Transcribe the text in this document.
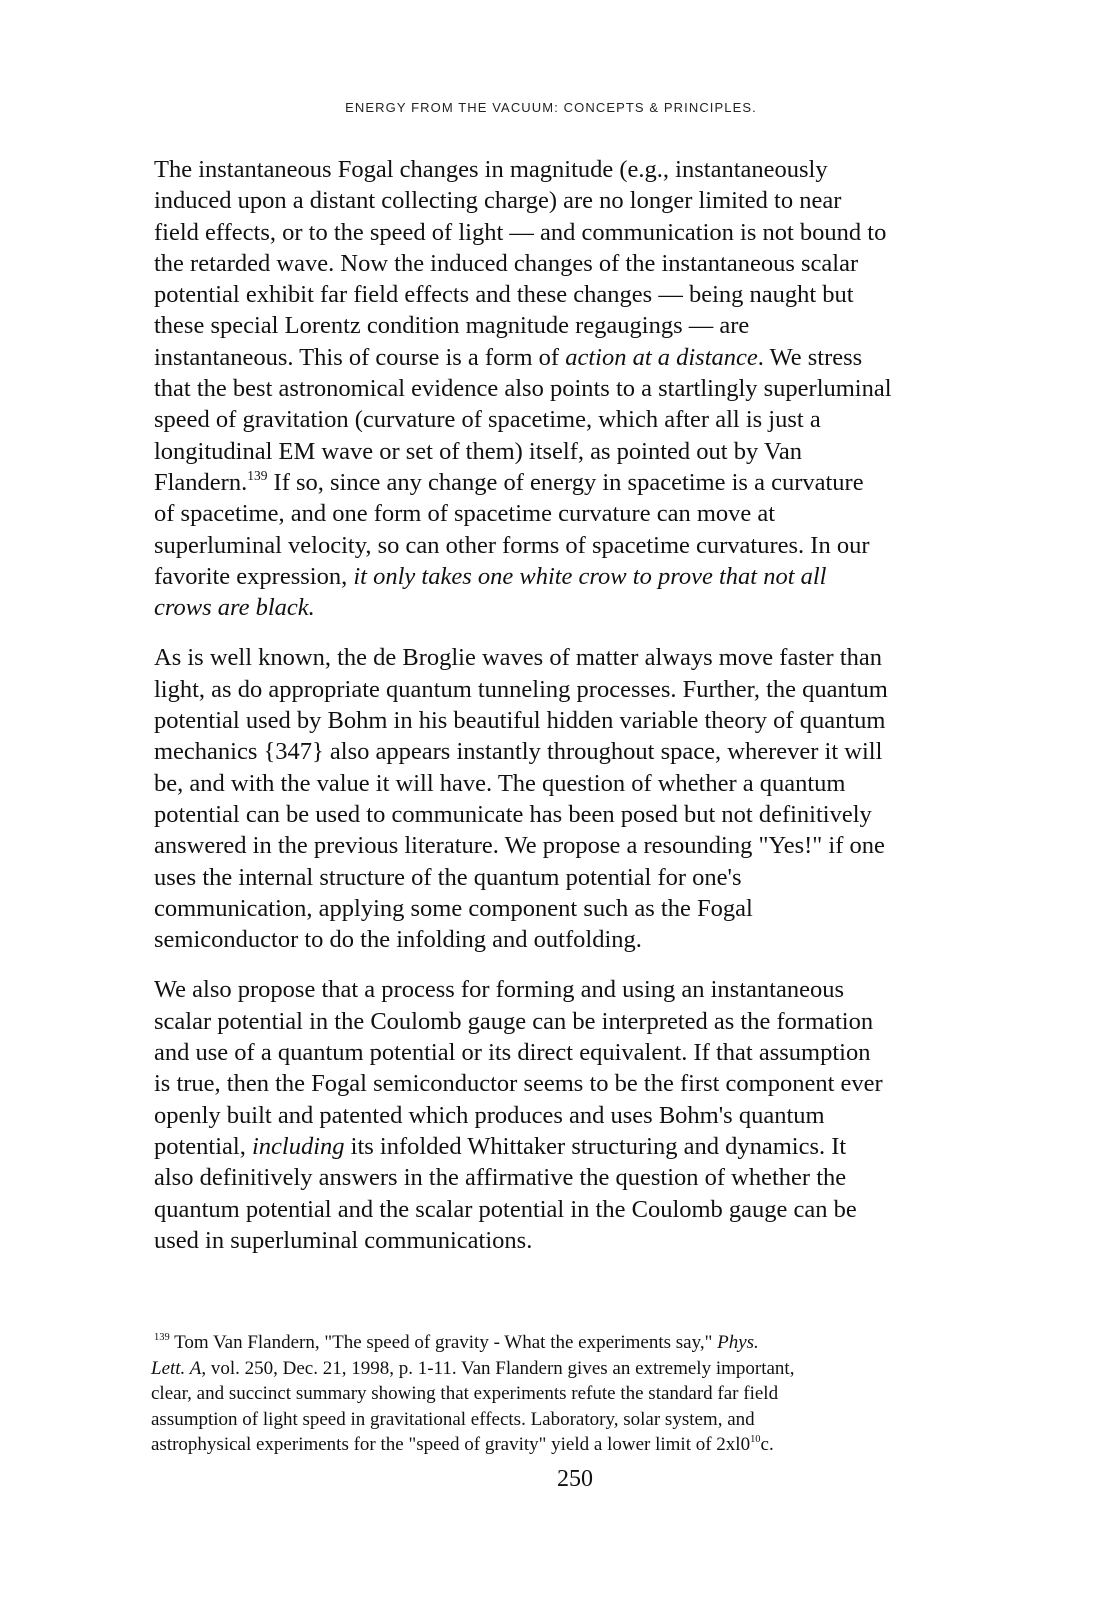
ENERGY FROM THE VACUUM: CONCEPTS & PRINCIPLES.
The instantaneous Fogal changes in magnitude (e.g., instantaneously
induced upon a distant collecting charge) are no longer limited to near
field effects, or to the speed of light — and communication is not bound to
the retarded wave. Now the induced changes of the instantaneous scalar
potential exhibit far field effects and these changes — being naught but
these special Lorentz condition magnitude regaugings — are
instantaneous. This of course is a form of action at a distance. We stress
that the best astronomical evidence also points to a startlingly superluminal
speed of gravitation (curvature of spacetime, which after all is just a
longitudinal EM wave or set of them) itself, as pointed out by Van
Flandern.$^{139}$ If so, since any change of energy in spacetime is a curvature
of spacetime, and one form of spacetime curvature can move at
superluminal velocity, so can other forms of spacetime curvatures. In our
favorite expression, it only takes one white crow to prove that not all
crows are black.
As is well known, the de Broglie waves of matter always move faster than
light, as do appropriate quantum tunneling processes. Further, the quantum
potential used by Bohm in his beautiful hidden variable theory of quantum
mechanics {347} also appears instantly throughout space, wherever it will
be, and with the value it will have. The question of whether a quantum
potential can be used to communicate has been posed but not definitively
answered in the previous literature. We propose a resounding "Yes!" if one
uses the internal structure of the quantum potential for one's
communication, applying some component such as the Fogal
semiconductor to do the infolding and outfolding.
We also propose that a process for forming and using an instantaneous
scalar potential in the Coulomb gauge can be interpreted as the formation
and use of a quantum potential or its direct equivalent. If that assumption
is true, then the Fogal semiconductor seems to be the first component ever
openly built and patented which produces and uses Bohm's quantum
potential, including its infolded Whittaker structuring and dynamics. It
also definitively answers in the affirmative the question of whether the
quantum potential and the scalar potential in the Coulomb gauge can be
used in superluminal communications.
$^{139}$ Tom Van Flandern, "The speed of gravity - What the experiments say," Phys.
Lett. A, vol. 250, Dec. 21, 1998, p. 1-11. Van Flandern gives an extremely important,
clear, and succinct summary showing that experiments refute the standard far field
assumption of light speed in gravitational effects. Laboratory, solar system, and
astrophysical experiments for the "speed of gravity" yield a lower limit of $2xl0^{10}c$.
250
